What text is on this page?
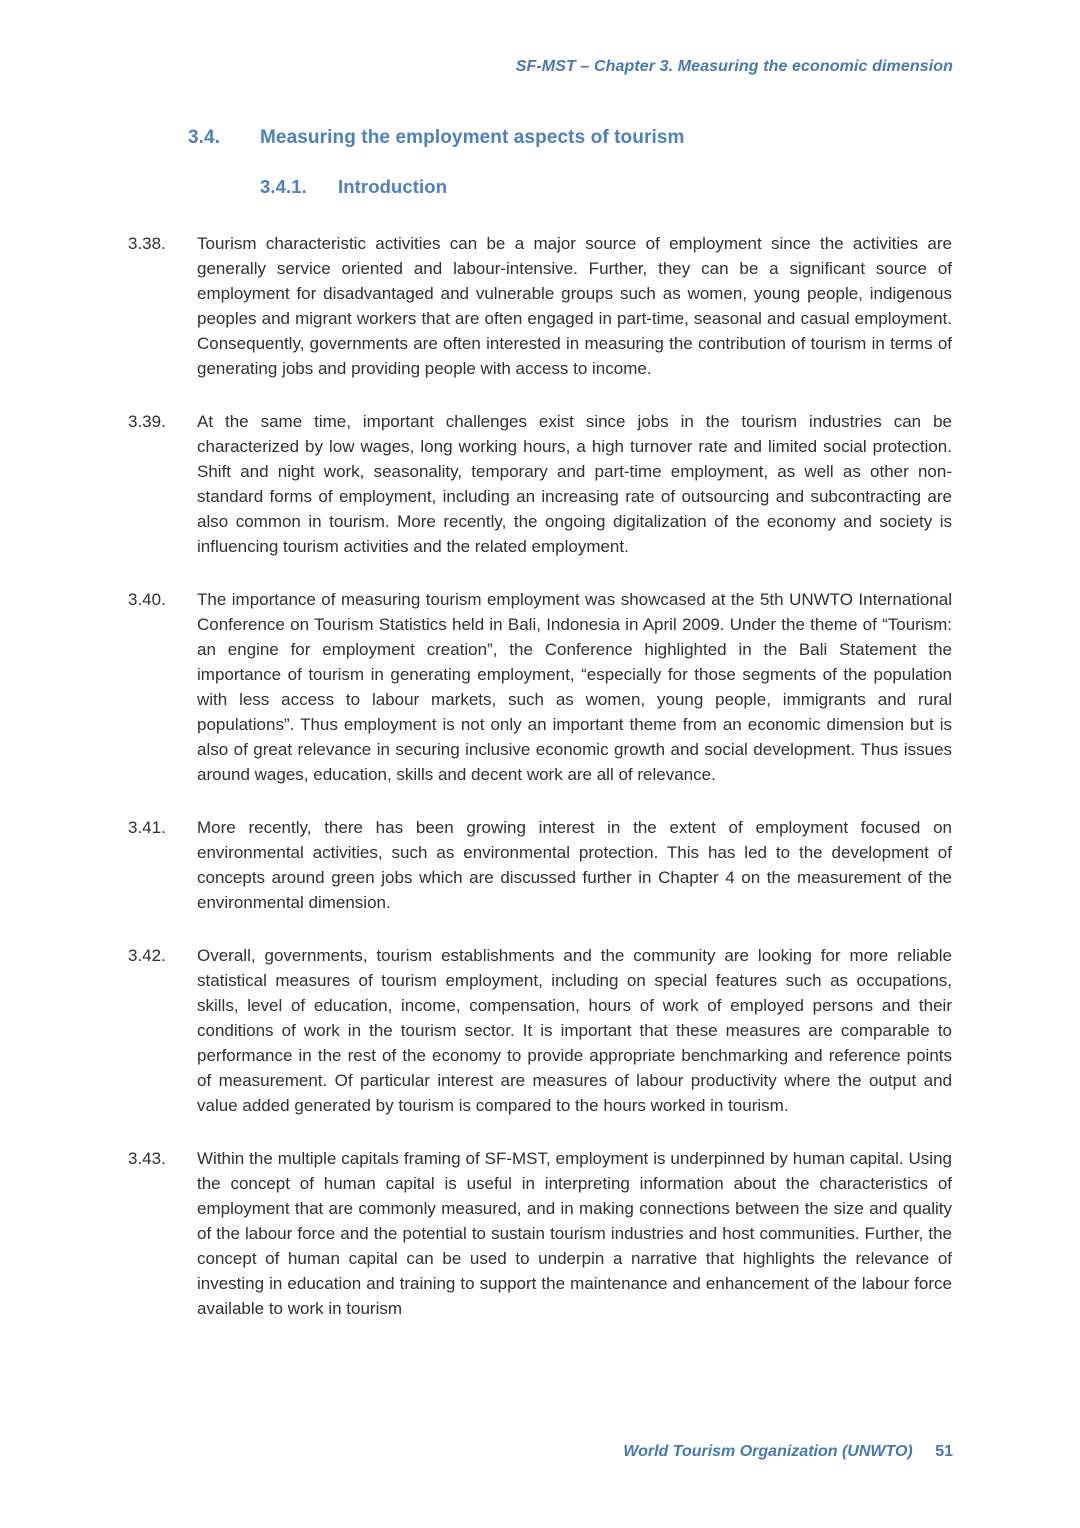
SF-MST – Chapter 3. Measuring the economic dimension
3.4.	Measuring the employment aspects of tourism
3.4.1.	Introduction
3.38.	Tourism characteristic activities can be a major source of employment since the activities are generally service oriented and labour-intensive. Further, they can be a significant source of employment for disadvantaged and vulnerable groups such as women, young people, indigenous peoples and migrant workers that are often engaged in part-time, seasonal and casual employment. Consequently, governments are often interested in measuring the contribution of tourism in terms of generating jobs and providing people with access to income.
3.39.	At the same time, important challenges exist since jobs in the tourism industries can be characterized by low wages, long working hours, a high turnover rate and limited social protection. Shift and night work, seasonality, temporary and part-time employment, as well as other non-standard forms of employment, including an increasing rate of outsourcing and subcontracting are also common in tourism. More recently, the ongoing digitalization of the economy and society is influencing tourism activities and the related employment.
3.40.	The importance of measuring tourism employment was showcased at the 5th UNWTO International Conference on Tourism Statistics held in Bali, Indonesia in April 2009. Under the theme of “Tourism: an engine for employment creation”, the Conference highlighted in the Bali Statement the importance of tourism in generating employment, “especially for those segments of the population with less access to labour markets, such as women, young people, immigrants and rural populations”. Thus employment is not only an important theme from an economic dimension but is also of great relevance in securing inclusive economic growth and social development. Thus issues around wages, education, skills and decent work are all of relevance.
3.41.	More recently, there has been growing interest in the extent of employment focused on environmental activities, such as environmental protection. This has led to the development of concepts around green jobs which are discussed further in Chapter 4 on the measurement of the environmental dimension.
3.42.	Overall, governments, tourism establishments and the community are looking for more reliable statistical measures of tourism employment, including on special features such as occupations, skills, level of education, income, compensation, hours of work of employed persons and their conditions of work in the tourism sector. It is important that these measures are comparable to performance in the rest of the economy to provide appropriate benchmarking and reference points of measurement. Of particular interest are measures of labour productivity where the output and value added generated by tourism is compared to the hours worked in tourism.
3.43.	Within the multiple capitals framing of SF-MST, employment is underpinned by human capital. Using the concept of human capital is useful in interpreting information about the characteristics of employment that are commonly measured, and in making connections between the size and quality of the labour force and the potential to sustain tourism industries and host communities. Further, the concept of human capital can be used to underpin a narrative that highlights the relevance of investing in education and training to support the maintenance and enhancement of the labour force available to work in tourism
World Tourism Organization (UNWTO) 51
